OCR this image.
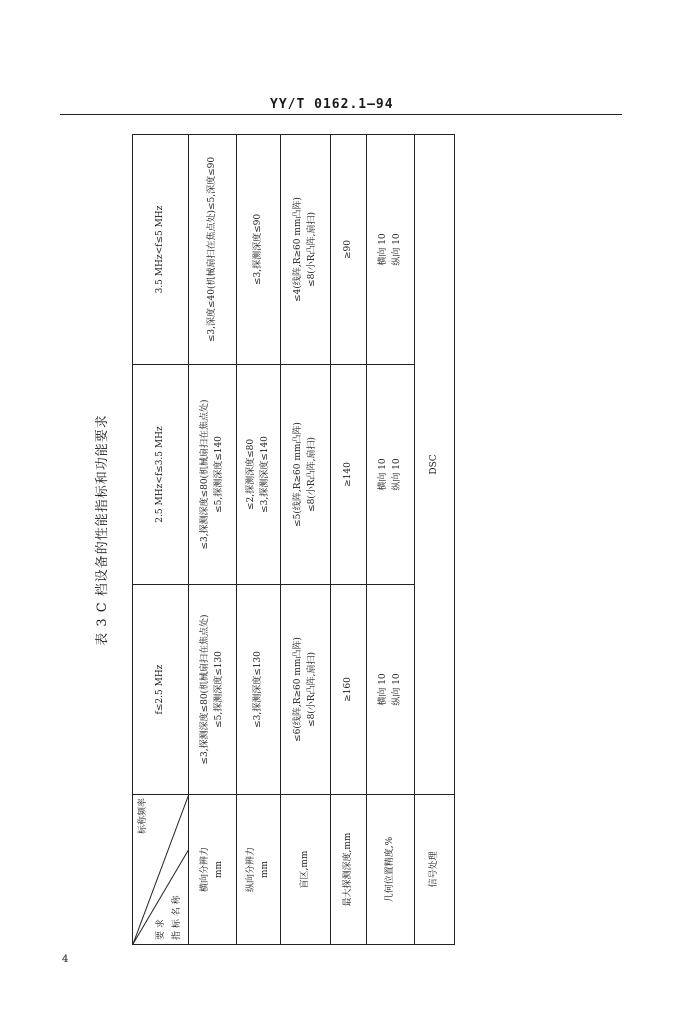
YY/T 0162.1—94
表 3 C 档设备的性能指标和功能要求
标称频率
要 求 指 标 名 称	f≤2.5 MHz	2.5 MHz<f≤3.5 MHz	3.5 MHz<f≤5 MHz

横向分辨力 mm	≤3,探测深度≤80(机械扇扫在焦点处) ≤5,探测深度≤130	≤3,探测深度≤80(机械扇扫在焦点处) ≤5,探测深度≤140	≤3,深度≤40(机械扇扫在焦点处)≤5,深度≤90

纵向分辨力 mm	≤3,探测深度≤130	≤2,探测深度≤80 ≤3,探测深度≤140	≤3,探测深度≤90

盲区,mm	≤6(线阵,R≥60 mm凸阵) ≤8(小R凸阵,扇扫)	≤5(线阵,R≥60 mm凸阵) ≤8(小R凸阵,扇扫)	≤4(线阵,R≥60 mm凸阵) ≤8(小R凸阵,扇扫)

最大探测深度,mm	≥160	≥140	≥90

几何位置精度,%	横向 10 纵向 10	横向 10 纵向 10	横向 10 纵向 10

信号处理	DSC		
4
